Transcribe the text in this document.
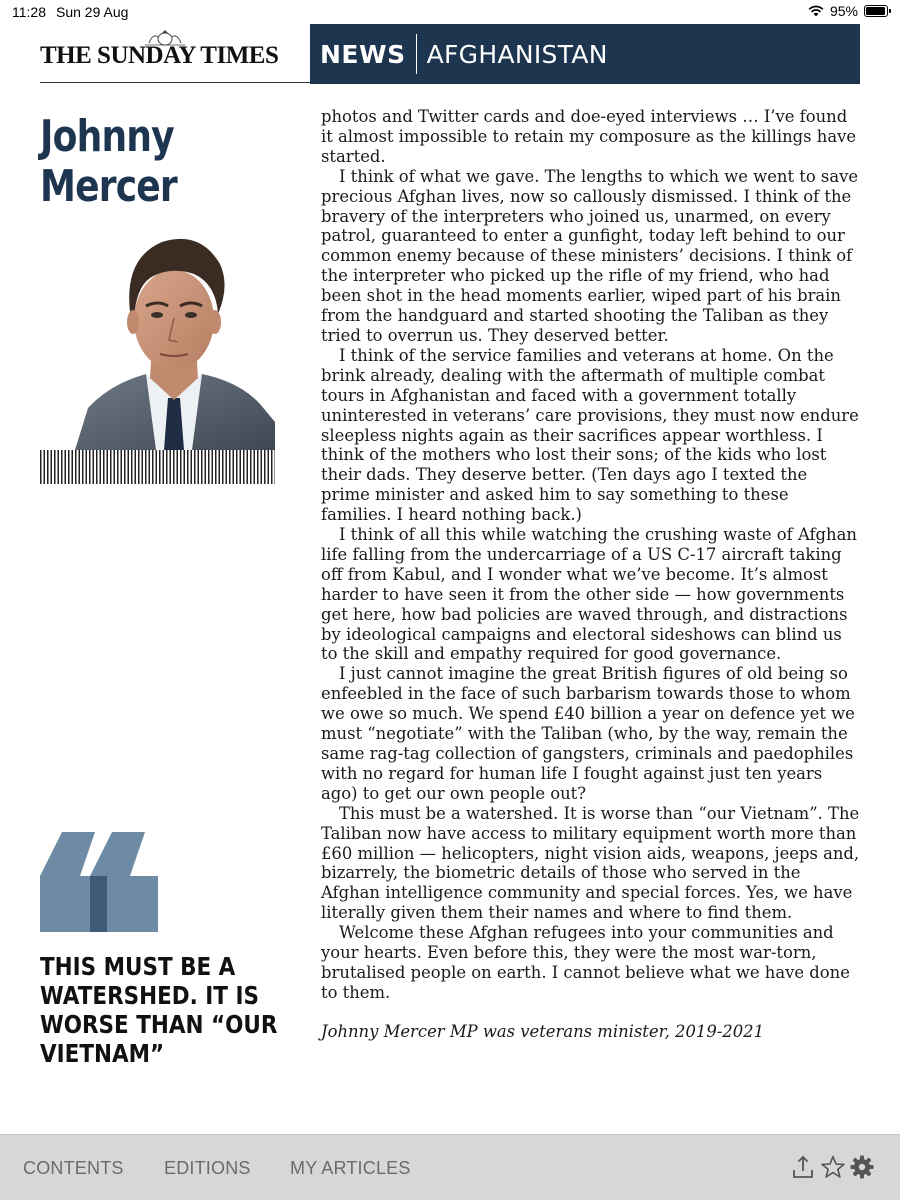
11:28 Sun 29 Aug	95%
THE SUNDAY TIMES NEWS AFGHANISTAN
Johnny
Mercer
THIS MUST BE A
WATERSHED. IT IS
WORSE THAN “OUR
VIETNAM”

photos and Twitter cards and doe-eyed interviews … I’ve found it almost impossible to retain my composure as the killings have started.

I think of what we gave. The lengths to which we went to save precious Afghan lives, now so callously dismissed. I think of the bravery of the interpreters who joined us, unarmed, on every patrol, guaranteed to enter a gunfight, today left behind to our common enemy because of these ministers’ decisions. I think of the interpreter who picked up the rifle of my friend, who had been shot in the head moments earlier, wiped part of his brain from the handguard and started shooting the Taliban as they tried to overrun us. They deserved better.

I think of the service families and veterans at home. On the brink already, dealing with the aftermath of multiple combat tours in Afghanistan and faced with a government totally uninterested in veterans’ care provisions, they must now endure sleepless nights again as their sacrifices appear worthless. I think of the mothers who lost their sons; of the kids who lost their dads. They deserve better. (Ten days ago I texted the prime minister and asked him to say something to these families. I heard nothing back.)

I think of all this while watching the crushing waste of Afghan life falling from the undercarriage of a US C-17 aircraft taking off from Kabul, and I wonder what we’ve become. It’s almost harder to have seen it from the other side — how governments get here, how bad policies are waved through, and distractions by ideological campaigns and electoral sideshows can blind us to the skill and empathy required for good governance.

I just cannot imagine the great British figures of old being so enfeebled in the face of such barbarism towards those to whom we owe so much. We spend £40 billion a year on defence yet we must “negotiate” with the Taliban (who, by the way, remain the same rag-tag collection of gangsters, criminals and paedophiles with no regard for human life I fought against just ten years ago) to get our own people out?

This must be a watershed. It is worse than “our Vietnam”. The Taliban now have access to military equipment worth more than £60 million — helicopters, night vision aids, weapons, jeeps and, bizarrely, the biometric details of those who served in the Afghan intelligence community and special forces. Yes, we have literally given them their names and where to find them.

Welcome these Afghan refugees into your communities and your hearts. Even before this, they were the most war-torn, brutalised people on earth. I cannot believe what we have done to them.

Johnny Mercer MP was veterans minister, 2019-2021

CONTENTS EDITIONS MY ARTICLES
